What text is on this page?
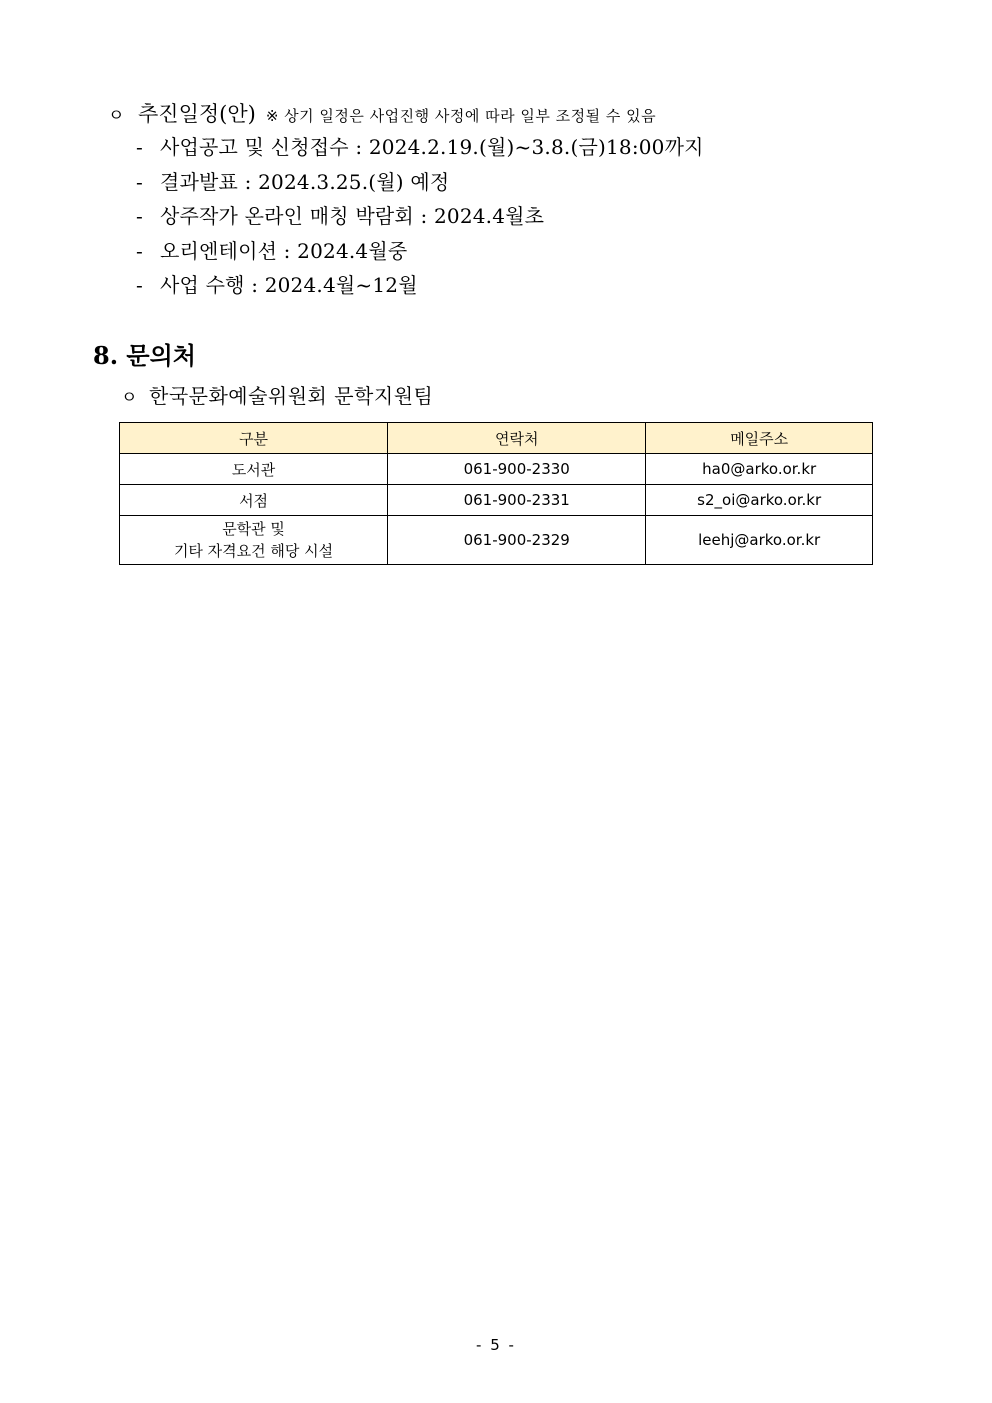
ㅇ 추진일정(안) ※ 상기 일정은 사업진행 사정에 따라 일부 조정될 수 있음
- 사업공고 및 신청접수 : 2024.2.19.(월)~3.8.(금)18:00까지
- 결과발표 : 2024.3.25.(월) 예정
- 상주작가 온라인 매칭 박람회 : 2024.4월초
- 오리엔테이션 : 2024.4월중
- 사업 수행 : 2024.4월~12월
8. 문의처
ㅇ 한국문화예술위원회 문학지원팀
구분	연락처	메일주소
도서관	061-900-2330	ha0@arko.or.kr
서점	061-900-2331	s2_oi@arko.or.kr
문학관 및
기타 자격요건 해당 시설	061-900-2329	leehj@arko.or.kr
- 5 -
